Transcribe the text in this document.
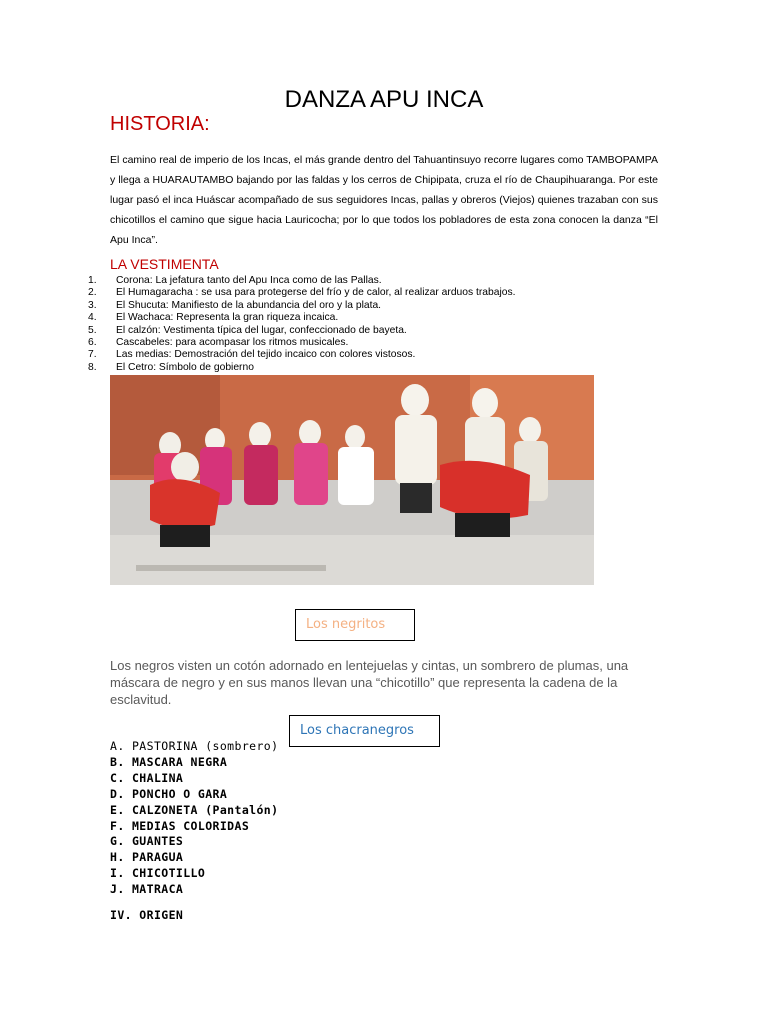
DANZA APU INCA
HISTORIA:
El camino real de imperio de los Incas, el más grande dentro del Tahuantinsuyo recorre lugares como TAMBOPAMPA y llega a HUARAUTAMBO bajando por las faldas y los cerros de Chipipata, cruza el río de Chaupihuaranga. Por este lugar pasó el inca Huáscar acompañado de sus seguidores Incas, pallas y obreros (Viejos) quienes trazaban con sus chicotillos el camino que sigue hacia Lauricocha; por lo que todos los pobladores de esta zona conocen la danza “El Apu Inca”.
LA VESTIMENTA
1. Corona: La jefatura tanto del Apu Inca como de las Pallas.
2. El Humagaracha : se usa para protegerse del frío y de calor, al realizar arduos trabajos.
3. El Shucuta: Manifiesto de la abundancia del oro y la plata.
4. El Wachaca: Representa la gran riqueza incaica.
5. El calzón: Vestimenta típica del lugar, confeccionado de bayeta.
6. Cascabeles: para acompasar los ritmos musicales.
7. Las medias: Demostración del tejido incaico con colores vistosos.
8. El Cetro: Símbolo de gobierno
Los negritos
Los negros visten un cotón adornado en lentejuelas y cintas, un sombrero de plumas, una máscara de negro y en sus manos llevan una “chicotillo” que representa la cadena de la esclavitud.
Los chacranegros
A. PASTORINA (sombrero)
B. MASCARA NEGRA
C. CHALINA
D. PONCHO O GARA
E. CALZONETA (Pantalón)
F. MEDIAS COLORIDAS
G. GUANTES
H. PARAGUA
I. CHICOTILLO
J. MATRACA
IV. ORIGEN
